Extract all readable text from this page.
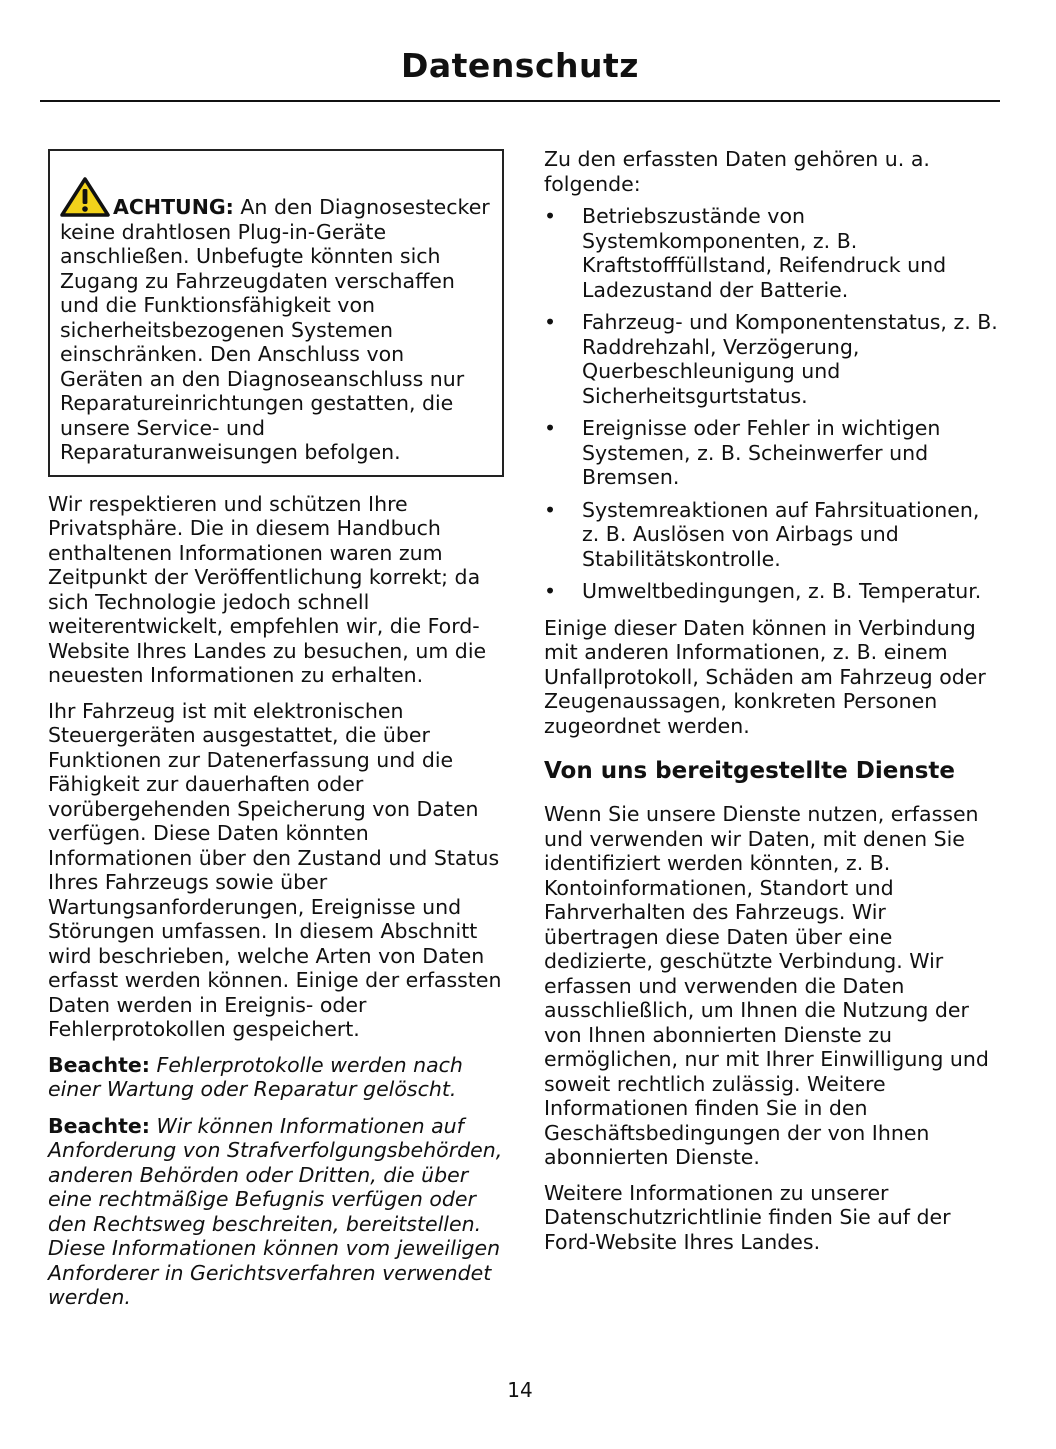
Datenschutz
ACHTUNG: An den Diagnosestecker keine drahtlosen Plug-in-Geräte anschließen. Unbefugte könnten sich Zugang zu Fahrzeugdaten verschaffen und die Funktionsfähigkeit von sicherheitsbezogenen Systemen einschränken. Den Anschluss von Geräten an den Diagnoseanschluss nur Reparatureinrichtungen gestatten, die unsere Service- und Reparaturanweisungen befolgen.

Wir respektieren und schützen Ihre Privatsphäre. Die in diesem Handbuch enthaltenen Informationen waren zum Zeitpunkt der Veröffentlichung korrekt; da sich Technologie jedoch schnell weiterentwickelt, empfehlen wir, die Ford-Website Ihres Landes zu besuchen, um die neuesten Informationen zu erhalten.

Ihr Fahrzeug ist mit elektronischen Steuergeräten ausgestattet, die über Funktionen zur Datenerfassung und die Fähigkeit zur dauerhaften oder vorübergehenden Speicherung von Daten verfügen. Diese Daten könnten Informationen über den Zustand und Status Ihres Fahrzeugs sowie über Wartungsanforderungen, Ereignisse und Störungen umfassen. In diesem Abschnitt wird beschrieben, welche Arten von Daten erfasst werden können. Einige der erfassten Daten werden in Ereignis- oder Fehlerprotokollen gespeichert.

Beachte: Fehlerprotokolle werden nach einer Wartung oder Reparatur gelöscht.

Beachte: Wir können Informationen auf Anforderung von Strafverfolgungsbehörden, anderen Behörden oder Dritten, die über eine rechtmäßige Befugnis verfügen oder den Rechtsweg beschreiten, bereitstellen. Diese Informationen können vom jeweiligen Anforderer in Gerichtsverfahren verwendet werden.

Zu den erfassten Daten gehören u. a. folgende:

•	Betriebszustände von Systemkomponenten, z. B. Kraftstofffüllstand, Reifendruck und Ladezustand der Batterie.
•	Fahrzeug- und Komponentenstatus, z. B. Raddrehzahl, Verzögerung, Querbeschleunigung und Sicherheitsgurtstatus.
•	Ereignisse oder Fehler in wichtigen Systemen, z. B. Scheinwerfer und Bremsen.
•	Systemreaktionen auf Fahrsituationen, z. B. Auslösen von Airbags und Stabilitätskontrolle.
•	Umweltbedingungen, z. B. Temperatur.

Einige dieser Daten können in Verbindung mit anderen Informationen, z. B. einem Unfallprotokoll, Schäden am Fahrzeug oder Zeugenaussagen, konkreten Personen zugeordnet werden.

Von uns bereitgestellte Dienste

Wenn Sie unsere Dienste nutzen, erfassen und verwenden wir Daten, mit denen Sie identifiziert werden könnten, z. B. Kontoinformationen, Standort und Fahrverhalten des Fahrzeugs. Wir übertragen diese Daten über eine dedizierte, geschützte Verbindung. Wir erfassen und verwenden die Daten ausschließlich, um Ihnen die Nutzung der von Ihnen abonnierten Dienste zu ermöglichen, nur mit Ihrer Einwilligung und soweit rechtlich zulässig. Weitere Informationen finden Sie in den Geschäftsbedingungen der von Ihnen abonnierten Dienste.

Weitere Informationen zu unserer Datenschutzrichtlinie finden Sie auf der Ford-Website Ihres Landes.

14
